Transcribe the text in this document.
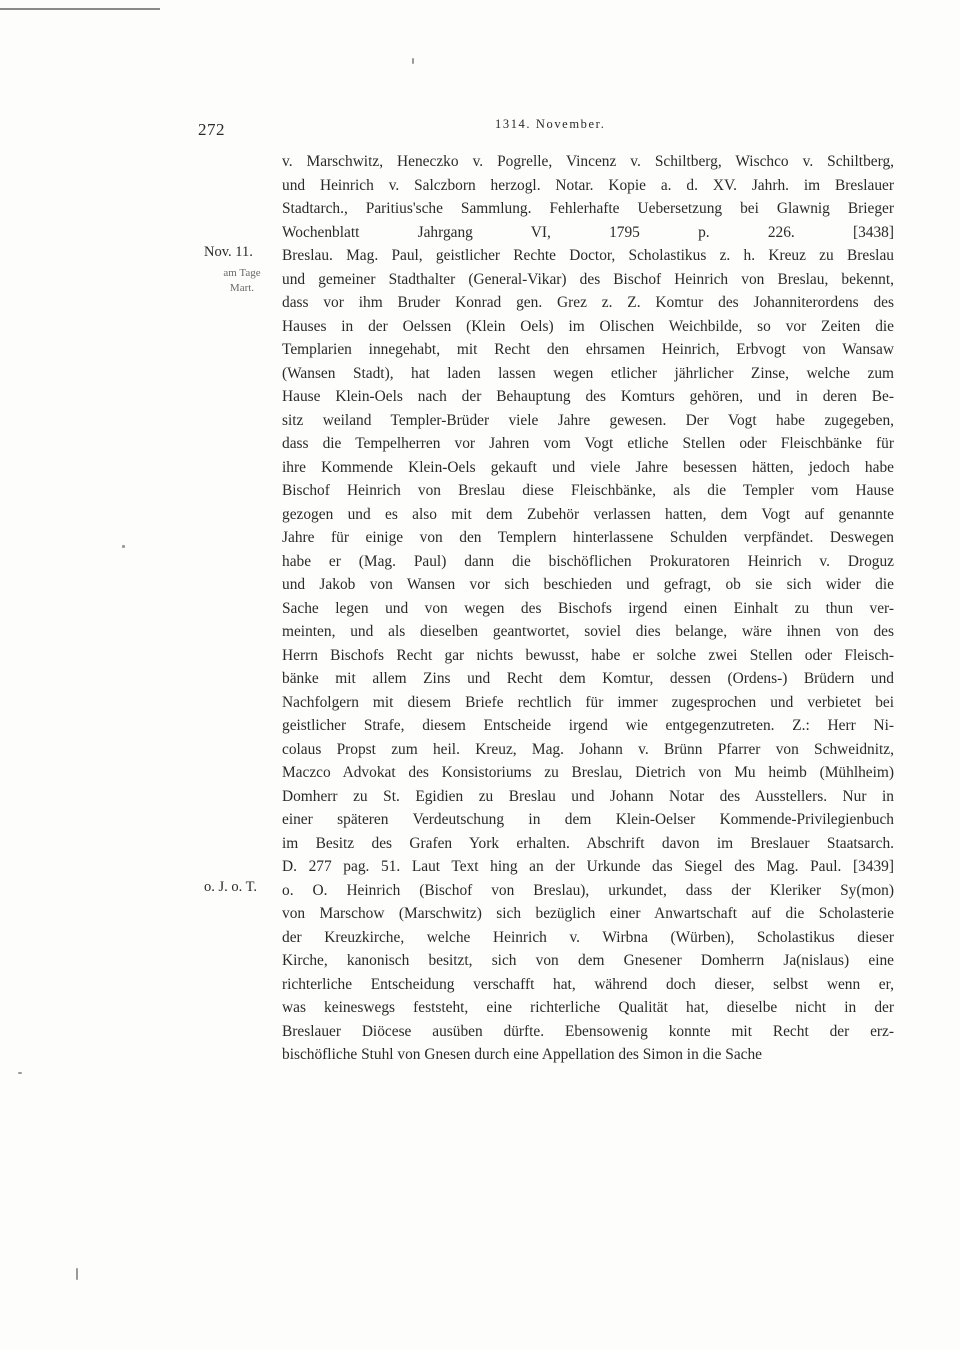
272	1314. November.
Nov. 11.
am Tage
Mart.
o. J. o. T.
v. Marschwitz, Heneczko v. Pogrelle, Vincenz v. Schiltberg, Wischco v. Schiltberg,
und Heinrich v. Salczborn herzogl. Notar. Kopie a. d. XV. Jahrh. im Breslauer
Stadtarch., Paritius'sche Sammlung. Fehlerhafte Uebersetzung bei Glawnig Brieger
Wochenblatt Jahrgang VI, 1795 p. 226. [3438]
Breslau. Mag. Paul, geistlicher Rechte Doctor, Scholastikus z. h. Kreuz zu Breslau
und gemeiner Stadthalter (General-Vikar) des Bischof Heinrich von Breslau, bekennt,
dass vor ihm Bruder Konrad gen. Grez z. Z. Komtur des Johanniterordens des
Hauses in der Oelssen (Klein Oels) im Olischen Weichbilde, so vor Zeiten die
Templarien innegehabt, mit Recht den ehrsamen Heinrich, Erbvogt von Wansaw
(Wansen Stadt), hat laden lassen wegen etlicher jährlicher Zinse, welche zum
Hause Klein-Oels nach der Behauptung des Komturs gehören, und in deren Be-
sitz weiland Templer-Brüder viele Jahre gewesen. Der Vogt habe zugegeben,
dass die Tempelherren vor Jahren vom Vogt etliche Stellen oder Fleischbänke für
ihre Kommende Klein-Oels gekauft und viele Jahre besessen hätten, jedoch habe
Bischof Heinrich von Breslau diese Fleischbänke, als die Templer vom Hause
gezogen und es also mit dem Zubehör verlassen hatten, dem Vogt auf genannte
Jahre für einige von den Templern hinterlassene Schulden verpfändet. Deswegen
habe er (Mag. Paul) dann die bischöflichen Prokuratoren Heinrich v. Droguz
und Jakob von Wansen vor sich beschieden und gefragt, ob sie sich wider die
Sache legen und von wegen des Bischofs irgend einen Einhalt zu thun ver-
meinten, und als dieselben geantwortet, soviel dies belange, wäre ihnen von des
Herrn Bischofs Recht gar nichts bewusst, habe er solche zwei Stellen oder Fleisch-
bänke mit allem Zins und Recht dem Komtur, dessen (Ordens-) Brüdern und
Nachfolgern mit diesem Briefe rechtlich für immer zugesprochen und verbietet bei
geistlicher Strafe, diesem Entscheide irgend wie entgegenzutreten. Z.: Herr Ni-
colaus Propst zum heil. Kreuz, Mag. Johann v. Brünn Pfarrer von Schweidnitz,
Maczco Advokat des Konsistoriums zu Breslau, Dietrich von Mu heimb (Mühlheim)
Domherr zu St. Egidien zu Breslau und Johann Notar des Ausstellers. Nur in
einer späteren Verdeutschung in dem Klein-Oelser Kommende-Privilegienbuch
im Besitz des Grafen York erhalten. Abschrift davon im Breslauer Staatsarch.
D. 277 pag. 51. Laut Text hing an der Urkunde das Siegel des Mag. Paul. [3439]
o. O. Heinrich (Bischof von Breslau), urkundet, dass der Kleriker Sy(mon)
von Marschow (Marschwitz) sich bezüglich einer Anwartschaft auf die Scholasterie
der Kreuzkirche, welche Heinrich v. Wirbna (Würben), Scholastikus dieser
Kirche, kanonisch besitzt, sich von dem Gnesener Domherrn Ja(nislaus) eine
richterliche Entscheidung verschafft hat, während doch dieser, selbst wenn er,
was keineswegs feststeht, eine richterliche Qualität hat, dieselbe nicht in der
Breslauer Diöcese ausüben dürfte. Ebensowenig konnte mit Recht der erz-
bischöfliche Stuhl von Gnesen durch eine Appellation des Simon in die Sache
